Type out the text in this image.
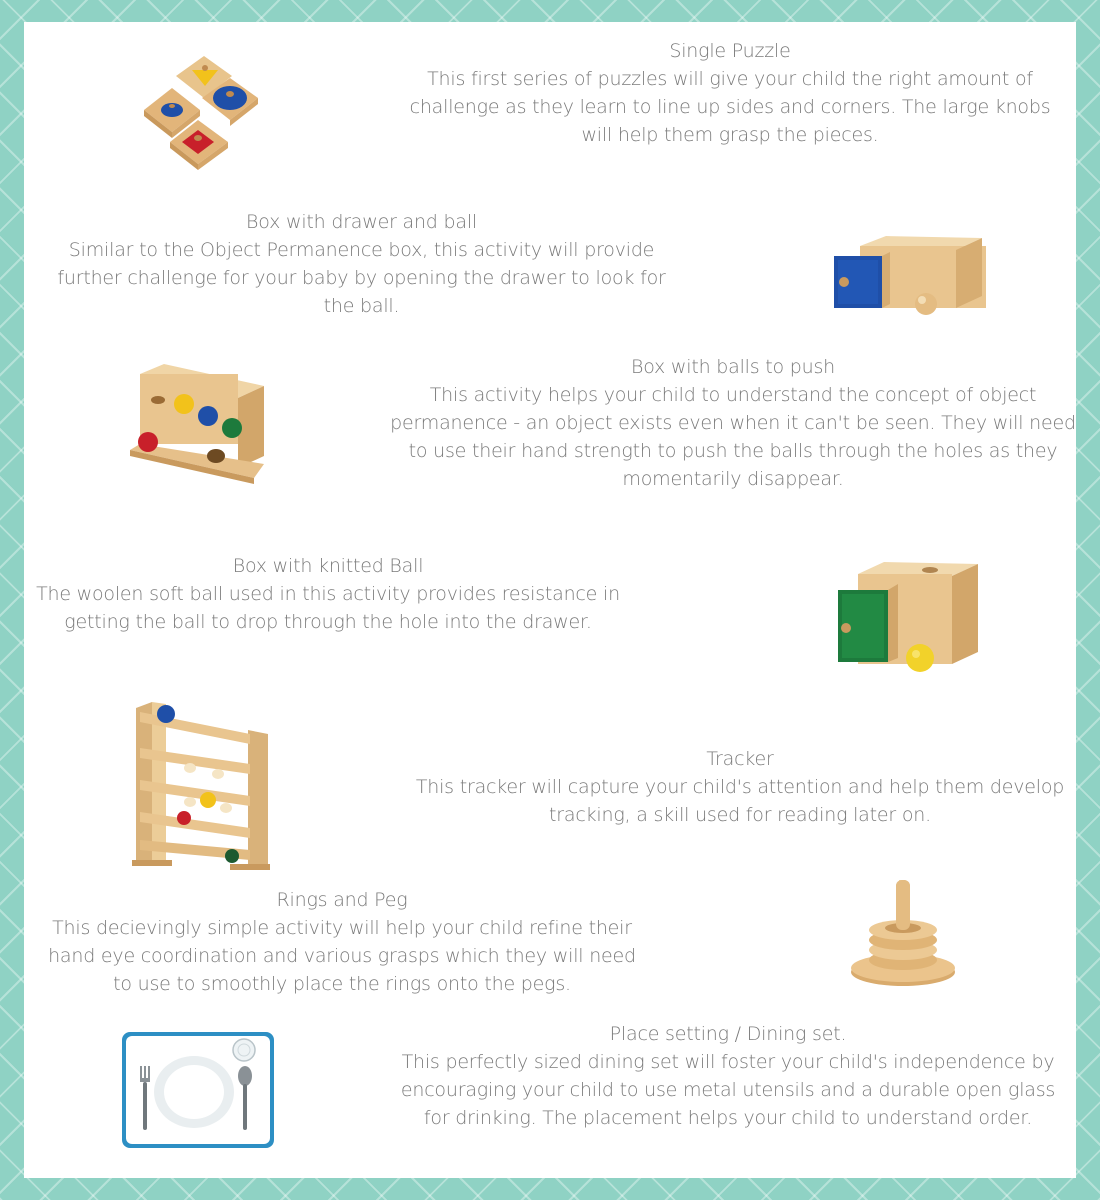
Single Puzzle
This first series of puzzles will give your child the right amount of challenge as they learn to line up sides and corners. The large knobs will help them grasp the pieces.
Box with drawer and ball
Similar to the Object Permanence box, this activity will provide further challenge for your baby by opening the drawer to look for the ball.
Box with balls to push
This activity helps your child to understand the concept of object permanence - an object exists even when it can't be seen. They will need to use their hand strength to push the balls through the holes as they momentarily disappear.
Box with knitted Ball
The woolen soft ball used in this activity provides resistance in getting the ball to drop through the hole into the drawer.
Tracker
This tracker will capture your child's attention and help them develop tracking, a skill used for reading later on.
Rings and Peg
This decievingly simple activity will help your child refine their hand eye coordination and various grasps which they will need to use to smoothly place the rings onto the pegs.
Place setting / Dining set.
This perfectly sized dining set will foster your child's independence by encouraging your child to use metal utensils and a durable open glass for drinking. The placement helps your child to understand order.
